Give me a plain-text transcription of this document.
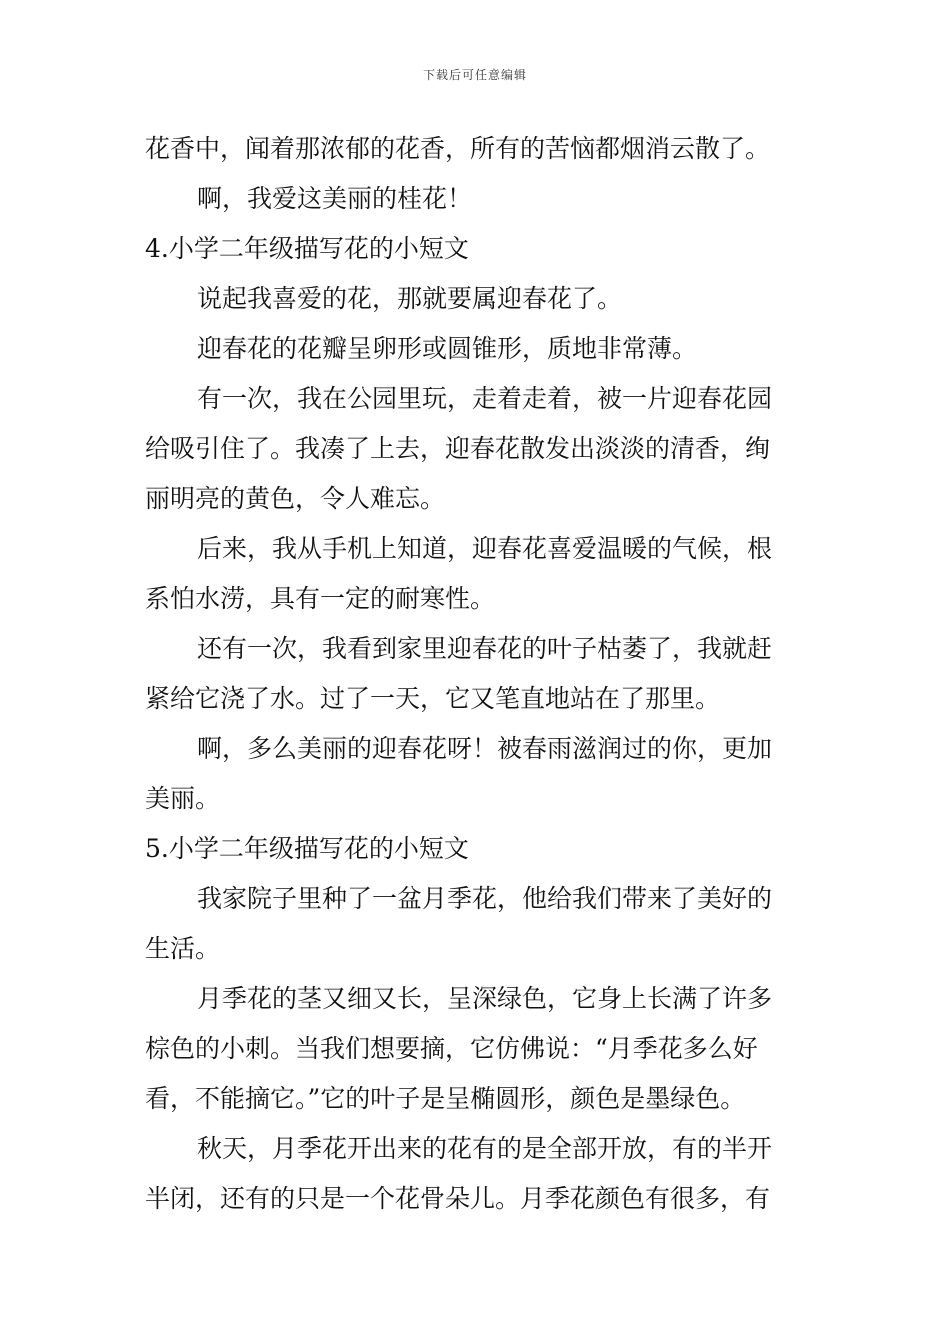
下载后可任意编辑
花香中，闻着那浓郁的花香，所有的苦恼都烟消云散了。
啊，我爱这美丽的桂花！
4.小学二年级描写花的小短文
说起我喜爱的花，那就要属迎春花了。
迎春花的花瓣呈卵形或圆锥形，质地非常薄。
有一次，我在公园里玩，走着走着，被一片迎春花园
给吸引住了。我凑了上去，迎春花散发出淡淡的清香，绚
丽明亮的黄色，令人难忘。
后来，我从手机上知道，迎春花喜爱温暖的气候，根
系怕水涝，具有一定的耐寒性。
还有一次，我看到家里迎春花的叶子枯萎了，我就赶
紧给它浇了水。过了一天，它又笔直地站在了那里。
啊，多么美丽的迎春花呀！被春雨滋润过的你，更加
美丽。
5.小学二年级描写花的小短文
我家院子里种了一盆月季花，他给我们带来了美好的
生活。
月季花的茎又细又长，呈深绿色，它身上长满了许多
棕色的小刺。当我们想要摘，它仿佛说：“月季花多么好
看，不能摘它。”它的叶子是呈椭圆形，颜色是墨绿色。
秋天，月季花开出来的花有的是全部开放，有的半开
半闭，还有的只是一个花骨朵儿。月季花颜色有很多，有
